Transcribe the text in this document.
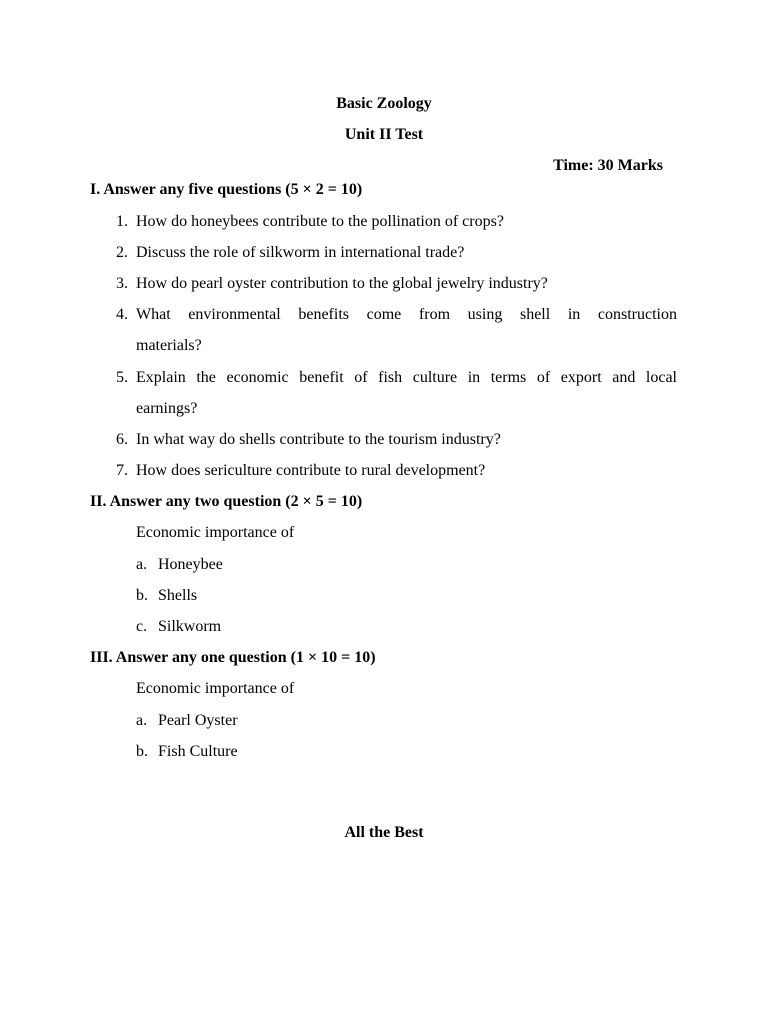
Basic Zoology
Unit II Test
Time: 30 Marks
I. Answer any five questions (5 × 2 = 10)
1. How do honeybees contribute to the pollination of crops?
2. Discuss the role of silkworm in international trade?
3. How do pearl oyster contribution to the global jewelry industry?
4. What environmental benefits come from using shell in construction
materials?
5. Explain the economic benefit of fish culture in terms of export and local
earnings?
6. In what way do shells contribute to the tourism industry?
7. How does sericulture contribute to rural development?
II. Answer any two question (2 × 5 = 10)
Economic importance of
a. Honeybee
b. Shells
c. Silkworm
III. Answer any one question (1 × 10 = 10)
Economic importance of
a. Pearl Oyster
b. Fish Culture
All the Best
